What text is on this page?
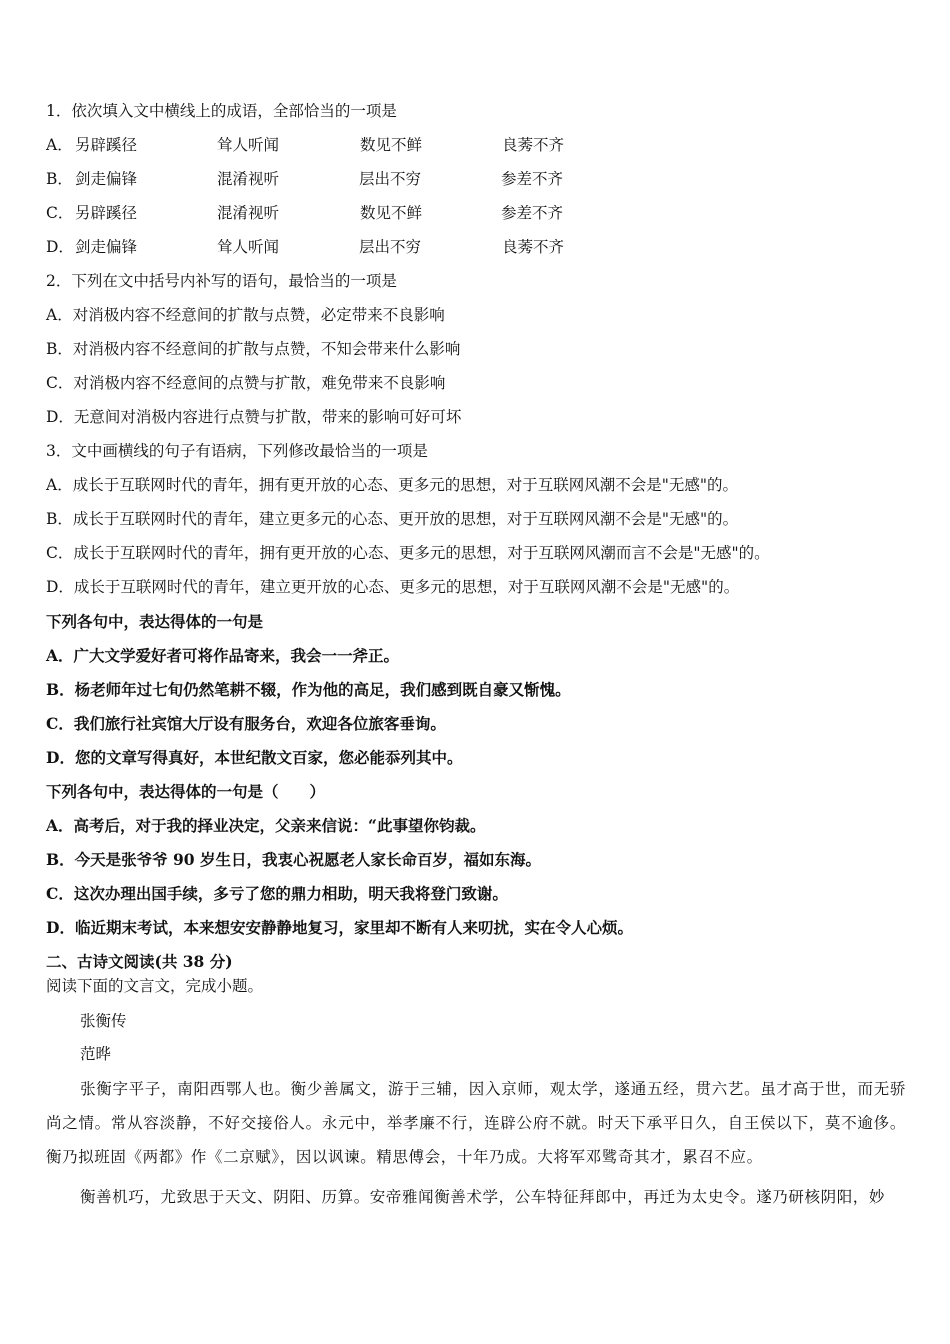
1．依次填入文中横线上的成语，全部恰当的一项是
A． 另辟蹊径	耸人听闻	数见不鲜	良莠不齐
B． 剑走偏锋	混淆视听	层出不穷	参差不齐
C． 另辟蹊径	混淆视听	数见不鲜	参差不齐
D． 剑走偏锋	耸人听闻	层出不穷	良莠不齐
2．下列在文中括号内补写的语句，最恰当的一项是
A．对消极内容不经意间的扩散与点赞，必定带来不良影响
B．对消极内容不经意间的扩散与点赞，不知会带来什么影响
C．对消极内容不经意间的点赞与扩散，难免带来不良影响
D．无意间对消极内容进行点赞与扩散，带来的影响可好可坏
3．文中画横线的句子有语病，下列修改最恰当的一项是
A．成长于互联网时代的青年，拥有更开放的心态、更多元的思想，对于互联网风潮不会是"无感"的。
B．成长于互联网时代的青年，建立更多元的心态、更开放的思想，对于互联网风潮不会是"无感"的。
C．成长于互联网时代的青年，拥有更开放的心态、更多元的思想，对于互联网风潮而言不会是"无感"的。
D．成长于互联网时代的青年，建立更开放的心态、更多元的思想，对于互联网风潮不会是"无感"的。
下列各句中，表达得体的一句是
A．广大文学爱好者可将作品寄来，我会一一斧正。
B．杨老师年过七旬仍然笔耕不辍，作为他的高足，我们感到既自豪又惭愧。
C．我们旅行社宾馆大厅设有服务台，欢迎各位旅客垂询。
D．您的文章写得真好，本世纪散文百家，您必能忝列其中。
下列各句中，表达得体的一句是（　　）
A．高考后，对于我的择业决定，父亲来信说：“此事望你钧裁。
B．今天是张爷爷 90 岁生日，我衷心祝愿老人家长命百岁，福如东海。
C．这次办理出国手续，多亏了您的鼎力相助，明天我将登门致谢。
D．临近期末考试，本来想安安静静地复习，家里却不断有人来叨扰，实在令人心烦。
二、古诗文阅读(共 38 分)
阅读下面的文言文，完成小题。
张衡传
范晔
张衡字平子，南阳西鄂人也。衡少善属文，游于三辅，因入京师，观太学，遂通五经，贯六艺。虽才高于世，而无骄尚之情。常从容淡静，不好交接俗人。永元中，举孝廉不行，连辟公府不就。时天下承平日久，自王侯以下，莫不逾侈。衡乃拟班固《两都》作《二京赋》，因以讽谏。精思傅会，十年乃成。大将军邓骘奇其才，累召不应。
衡善机巧，尤致思于天文、阴阳、历算。安帝雅闻衡善术学，公车特征拜郎中，再迁为太史令。遂乃研核阴阳，妙
